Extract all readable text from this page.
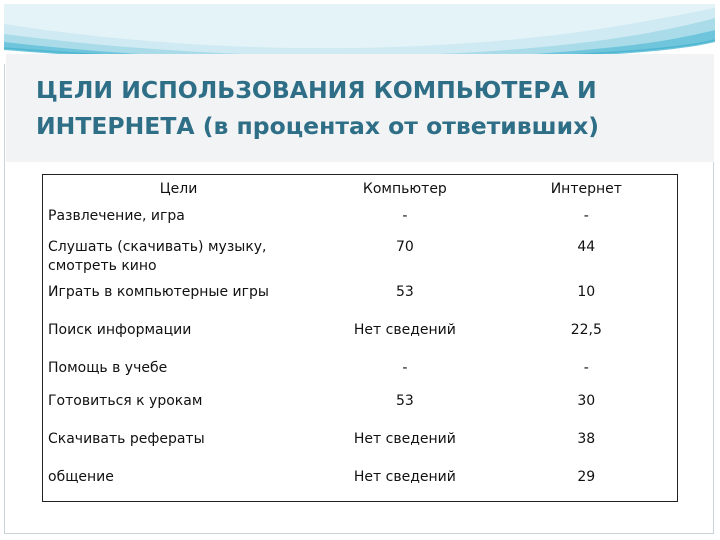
ЦЕЛИ ИСПОЛЬЗОВАНИЯ КОМПЬЮТЕРА И
ИНТЕРНЕТА (в процентах от ответивших)
Цели	Компьютер	Интернет

Развлечение, игра	-	-

Слушать (скачивать) музыку,
смотреть кино	70	44

Играть в компьютерные игры	53	10

Поиск информации	Нет сведений	22,5

Помощь в учебе	-	-

Готовиться к урокам	53	30

Скачивать рефераты	Нет сведений	38

общение	Нет сведений	29
